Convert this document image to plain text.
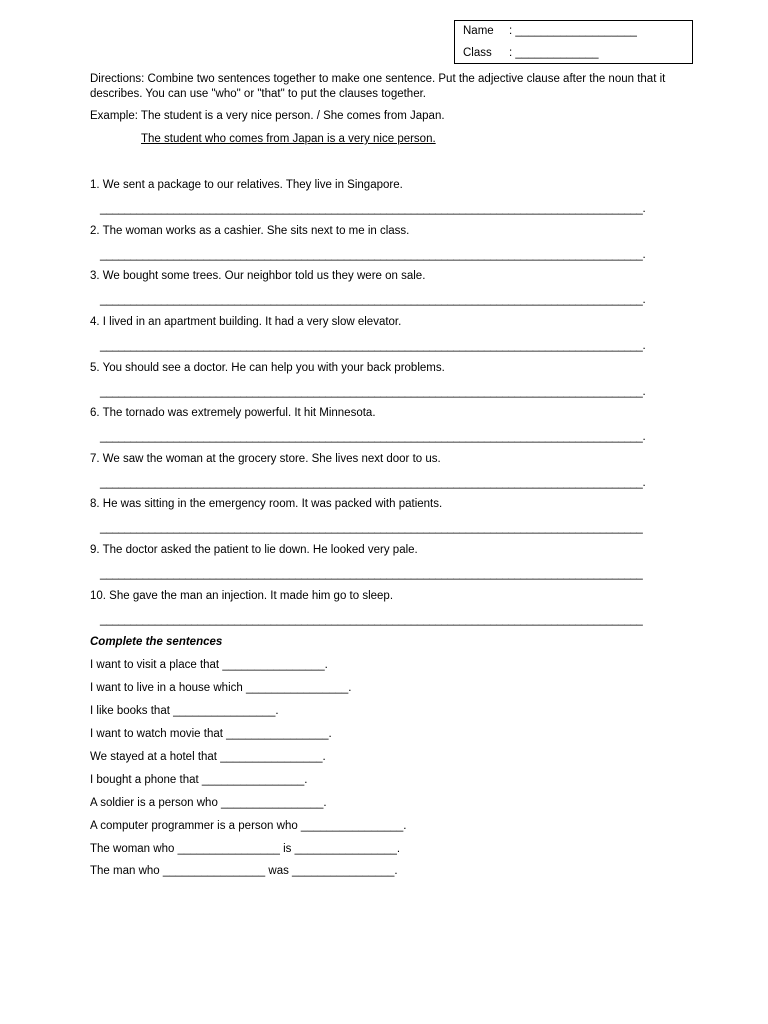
Name : ___________________
Class : _____________
Directions: Combine two sentences together to make one sentence. Put the adjective clause after the noun that it describes. You can use "who" or "that" to put the clauses together.
Example: The student is a very nice person. / She comes from Japan.
The student who comes from Japan is a very nice person.
1. We sent a package to our relatives. They live in Singapore.
_________________________________________________________________________________________.
2. The woman works as a cashier. She sits next to me in class.
_________________________________________________________________________________________.
3. We bought some trees. Our neighbor told us they were on sale.
_________________________________________________________________________________________.
4. I lived in an apartment building. It had a very slow elevator.
_________________________________________________________________________________________.
5. You should see a doctor. He can help you with your back problems.
_________________________________________________________________________________________.
6. The tornado was extremely powerful. It hit Minnesota.
_________________________________________________________________________________________.
7. We saw the woman at the grocery store. She lives next door to us.
_________________________________________________________________________________________.
8. He was sitting in the emergency room. It was packed with patients.
_________________________________________________________________________________________
9. The doctor asked the patient to lie down. He looked very pale.
_________________________________________________________________________________________
10. She gave the man an injection. It made him go to sleep.
_________________________________________________________________________________________
Complete the sentences
I want to visit a place that ________________.
I want to live in a house which ________________.
I like books that ________________.
I want to watch movie that ________________.
We stayed at a hotel that ________________.
I bought a phone that ________________.
A soldier is a person who ________________.
A computer programmer is a person who ________________.
The woman who ________________ is ________________.
The man who ________________ was ________________.
